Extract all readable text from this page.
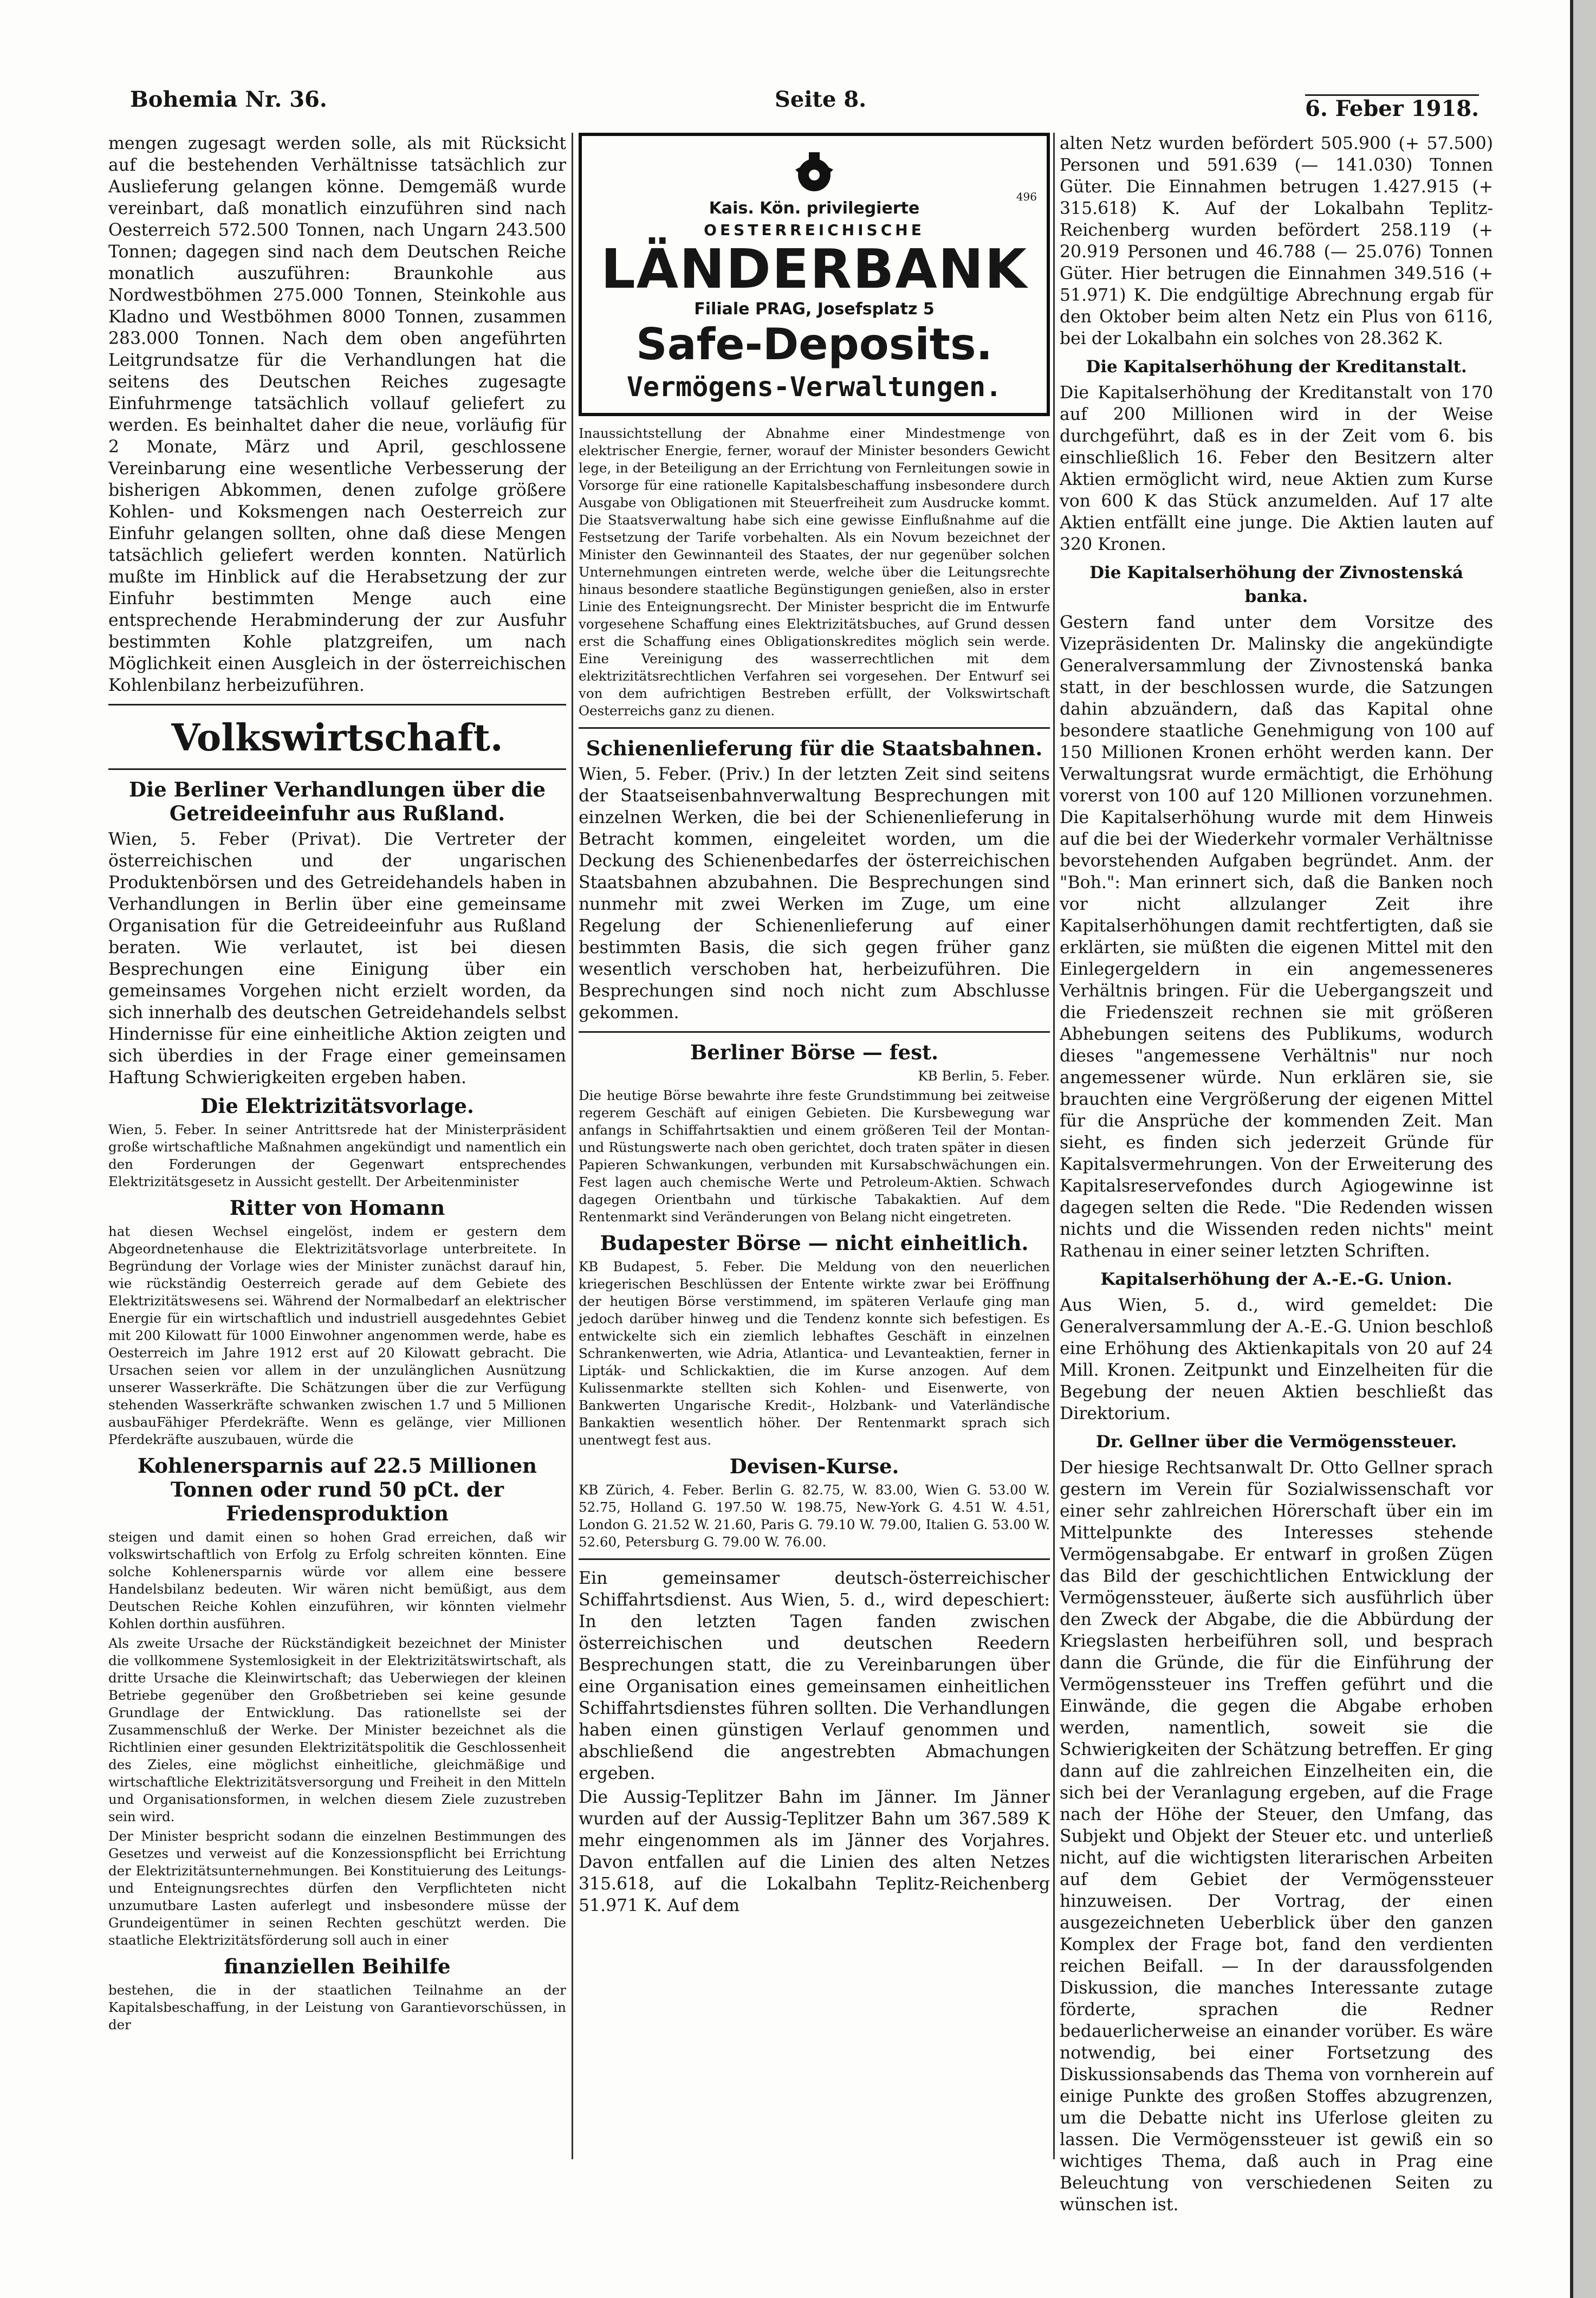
Bohemia Nr. 36.	Seite 8.	6. Feber 1918.

mengen zugesagt werden solle, als mit Rücksicht auf die bestehenden Verhältnisse tatsächlich zur Auslieferung gelangen könne. Demgemäß wurde vereinbart, daß monatlich einzuführen sind nach Oesterreich 572.500 Tonnen, nach Ungarn 243.500 Tonnen; dagegen sind nach dem Deutschen Reiche monatlich auszuführen: Braunkohle aus Nordwestböhmen 275.000 Tonnen, Steinkohle aus Kladno und Westböhmen 8000 Tonnen, zusammen 283.000 Tonnen. Nach dem oben angeführten Leitgrundsatze für die Verhandlungen hat die seitens des Deutschen Reiches zugesagte Einfuhrmenge tatsächlich vollauf geliefert zu werden. Es beinhaltet daher die neue, vorläufig für 2 Monate, März und April, geschlossene Vereinbarung eine wesentliche Verbesserung der bisherigen Abkommen, denen zufolge größere Kohlen- und Koksmengen nach Oesterreich zur Einfuhr gelangen sollten, ohne daß diese Mengen tatsächlich geliefert werden konnten. Natürlich mußte im Hinblick auf die Herabsetzung der zur Einfuhr bestimmten Menge auch eine entsprechende Herabminderung der zur Ausfuhr bestimmten Kohle platzgreifen, um nach Möglichkeit einen Ausgleich in der österreichischen Kohlenbilanz herbeizuführen.

Volkswirtschaft.
Die Berliner Verhandlungen über die Getreideeinfuhr aus Rußland.

Wien, 5. Feber (Privat). Die Vertreter der österreichischen und der ungarischen Produktenbörsen und des Getreidehandels haben in Verhandlungen in Berlin über eine gemeinsame Organisation für die Getreideeinfuhr aus Rußland beraten. Wie verlautet, ist bei diesen Besprechungen eine Einigung über ein gemeinsames Vorgehen nicht erzielt worden, da sich innerhalb des deutschen Getreidehandels selbst Hindernisse für eine einheitliche Aktion zeigten und sich überdies in der Frage einer gemeinsamen Haftung Schwierigkeiten ergeben haben.

Die Elektrizitätsvorlage.

Wien, 5. Feber. In seiner Antrittsrede hat der Ministerpräsident große wirtschaftliche Maßnahmen angekündigt und namentlich ein den Forderungen der Gegenwart entsprechendes Elektrizitätsgesetz in Aussicht gestellt. Der Arbeitenminister

Ritter von Homann

hat diesen Wechsel eingelöst, indem er gestern dem Abgeordnetenhause die Elektrizitätsvorlage unterbreitete. In Begründung der Vorlage wies der Minister zunächst darauf hin, wie rückständig Oesterreich gerade auf dem Gebiete des Elektrizitätswesens sei. Während der Normalbedarf an elektrischer Energie für ein wirtschaftlich und industriell ausgedehntes Gebiet mit 200 Kilowatt für 1000 Einwohner angenommen werde, habe es Oesterreich im Jahre 1912 erst auf 20 Kilowatt gebracht. Die Ursachen seien vor allem in der unzulänglichen Ausnützung unserer Wasserkräfte. Die Schätzungen über die zur Verfügung stehenden Wasserkräfte schwanken zwischen 1.7 und 5 Millionen ausbauFähiger Pferdekräfte. Wenn es gelänge, vier Millionen Pferdekräfte auszubauen, würde die

Kohlenersparnis auf 22.5 Millionen Tonnen oder rund 50 pCt. der Friedensproduktion

steigen und damit einen so hohen Grad erreichen, daß wir volkswirtschaftlich von Erfolg zu Erfolg schreiten könnten. Eine solche Kohlenersparnis würde vor allem eine bessere Handelsbilanz bedeuten. Wir wären nicht bemüßigt, aus dem Deutschen Reiche Kohlen einzuführen, wir könnten vielmehr Kohlen dorthin ausführen.

Als zweite Ursache der Rückständigkeit bezeichnet der Minister die vollkommene Systemlosigkeit in der Elektrizitätswirtschaft, als dritte Ursache die Kleinwirtschaft; das Ueberwiegen der kleinen Betriebe gegenüber den Großbetrieben sei keine gesunde Grundlage der Entwicklung. Das rationellste sei der Zusammenschluß der Werke. Der Minister bezeichnet als die Richtlinien einer gesunden Elektrizitätspolitik die Geschlossenheit des Zieles, eine möglichst einheitliche, gleichmäßige und wirtschaftliche Elektrizitätsversorgung und Freiheit in den Mitteln und Organisationsformen, in welchen diesem Ziele zuzustreben sein wird.

Der Minister bespricht sodann die einzelnen Bestimmungen des Gesetzes und verweist auf die Konzessionspflicht bei Errichtung der Elektrizitätsunternehmungen. Bei Konstituierung des Leitungs- und Enteignungsrechtes dürfen den Verpflichteten nicht unzumutbare Lasten auferlegt und insbesondere müsse der Grundeigentümer in seinen Rechten geschützt werden. Die staatliche Elektrizitätsförderung soll auch in einer

finanziellen Beihilfe

bestehen, die in der staatlichen Teilnahme an der Kapitalsbeschaffung, in der Leistung von Garantievorschüssen, in der

Kais. Kön. privilegierte
OESTERREICHISCHE
496
LÄNDERBANK
Filiale PRAG, Josefsplatz 5
Safe-Deposits.
Vermögens-Verwaltungen.

Inaussichtstellung der Abnahme einer Mindestmenge von elektrischer Energie, ferner, worauf der Minister besonders Gewicht lege, in der Beteiligung an der Errichtung von Fernleitungen sowie in Vorsorge für eine rationelle Kapitalsbeschaffung insbesondere durch Ausgabe von Obligationen mit Steuerfreiheit zum Ausdrucke kommt. Die Staatsverwaltung habe sich eine gewisse Einflußnahme auf die Festsetzung der Tarife vorbehalten. Als ein Novum bezeichnet der Minister den Gewinnanteil des Staates, der nur gegenüber solchen Unternehmungen eintreten werde, welche über die Leitungsrechte hinaus besondere staatliche Begünstigungen genießen, also in erster Linie des Enteignungsrecht. Der Minister bespricht die im Entwurfe vorgesehene Schaffung eines Elektrizitätsbuches, auf Grund dessen erst die Schaffung eines Obligationskredites möglich sein werde. Eine Vereinigung des wasserrechtlichen mit dem elektrizitätsrechtlichen Verfahren sei vorgesehen. Der Entwurf sei von dem aufrichtigen Bestreben erfüllt, der Volkswirtschaft Oesterreichs ganz zu dienen.

Schienenlieferung für die Staatsbahnen.

Wien, 5. Feber. (Priv.) In der letzten Zeit sind seitens der Staatseisenbahnverwaltung Besprechungen mit einzelnen Werken, die bei der Schienenlieferung in Betracht kommen, eingeleitet worden, um die Deckung des Schienenbedarfes der österreichischen Staatsbahnen abzubahnen. Die Besprechungen sind nunmehr mit zwei Werken im Zuge, um eine Regelung der Schienenlieferung auf einer bestimmten Basis, die sich gegen früher ganz wesentlich verschoben hat, herbeizuführen. Die Besprechungen sind noch nicht zum Abschlusse gekommen.

Berliner Börse — fest.

KB Berlin, 5. Feber.

Die heutige Börse bewahrte ihre feste Grundstimmung bei zeitweise regerem Geschäft auf einigen Gebieten. Die Kursbewegung war anfangs in Schiffahrtsaktien und einem größeren Teil der Montan- und Rüstungswerte nach oben gerichtet, doch traten später in diesen Papieren Schwankungen, verbunden mit Kursabschwächungen ein. Fest lagen auch chemische Werte und Petroleum-Aktien. Schwach dagegen Orientbahn und türkische Tabakaktien. Auf dem Rentenmarkt sind Veränderungen von Belang nicht eingetreten.

Budapester Börse — nicht einheitlich.

KB Budapest, 5. Feber. Die Meldung von den neuerlichen kriegerischen Beschlüssen der Entente wirkte zwar bei Eröffnung der heutigen Börse verstimmend, im späteren Verlaufe ging man jedoch darüber hinweg und die Tendenz konnte sich befestigen. Es entwickelte sich ein ziemlich lebhaftes Geschäft in einzelnen Schrankenwerten, wie Adria, Atlantica- und Levanteaktien, ferner in Lipták- und Schlickaktien, die im Kurse anzogen. Auf dem Kulissenmarkte stellten sich Kohlen- und Eisenwerte, von Bankwerten Ungarische Kredit-, Holzbank- und Vaterländische Bankaktien wesentlich höher. Der Rentenmarkt sprach sich unentwegt fest aus.

Devisen-Kurse.

KB Zürich, 4. Feber. Berlin G. 82.75, W. 83.00, Wien G. 53.00 W. 52.75, Holland G. 197.50 W. 198.75, New-York G. 4.51 W. 4.51, London G. 21.52 W. 21.60, Paris G. 79.10 W. 79.00, Italien G. 53.00 W. 52.60, Petersburg G. 79.00 W. 76.00.

Ein gemeinsamer deutsch-österreichischer Schiffahrtsdienst. Aus Wien, 5. d., wird depeschiert: In den letzten Tagen fanden zwischen österreichischen und deutschen Reedern Besprechungen statt, die zu Vereinbarungen über eine Organisation eines gemeinsamen einheitlichen Schiffahrtsdienstes führen sollten. Die Verhandlungen haben einen günstigen Verlauf genommen und abschließend die angestrebten Abmachungen ergeben.

Die Aussig-Teplitzer Bahn im Jänner. Im Jänner wurden auf der Aussig-Teplitzer Bahn um 367.589 K mehr eingenommen als im Jänner des Vorjahres. Davon entfallen auf die Linien des alten Netzes 315.618, auf die Lokalbahn Teplitz-Reichenberg 51.971 K. Auf dem

alten Netz wurden befördert 505.900 (+ 57.500) Personen und 591.639 (— 141.030) Tonnen Güter. Die Einnahmen betrugen 1.427.915 (+ 315.618) K. Auf der Lokalbahn Teplitz-Reichenberg wurden befördert 258.119 (+ 20.919 Personen und 46.788 (— 25.076) Tonnen Güter. Hier betrugen die Einnahmen 349.516 (+ 51.971) K. Die endgültige Abrechnung ergab für den Oktober beim alten Netz ein Plus von 6116, bei der Lokalbahn ein solches von 28.362 K.

Die Kapitalserhöhung der Kreditanstalt.

Die Kapitalserhöhung der Kreditanstalt von 170 auf 200 Millionen wird in der Weise durchgeführt, daß es in der Zeit vom 6. bis einschließlich 16. Feber den Besitzern alter Aktien ermöglicht wird, neue Aktien zum Kurse von 600 K das Stück anzumelden. Auf 17 alte Aktien entfällt eine junge. Die Aktien lauten auf 320 Kronen.

Die Kapitalserhöhung der Zivnostenská banka.

Gestern fand unter dem Vorsitze des Vizepräsidenten Dr. Malinsky die angekündigte Generalversammlung der Zivnostenská banka statt, in der beschlossen wurde, die Satzungen dahin abzuändern, daß das Kapital ohne besondere staatliche Genehmigung von 100 auf 150 Millionen Kronen erhöht werden kann. Der Verwaltungsrat wurde ermächtigt, die Erhöhung vorerst von 100 auf 120 Millionen vorzunehmen. Die Kapitalserhöhung wurde mit dem Hinweis auf die bei der Wiederkehr vormaler Verhältnisse bevorstehenden Aufgaben begründet. Anm. der "Boh.": Man erinnert sich, daß die Banken noch vor nicht allzulanger Zeit ihre Kapitalserhöhungen damit rechtfertigten, daß sie erklärten, sie müßten die eigenen Mittel mit den Einlegergeldern in ein angemesseneres Verhältnis bringen. Für die Uebergangszeit und die Friedenszeit rechnen sie mit größeren Abhebungen seitens des Publikums, wodurch dieses "angemessene Verhältnis" nur noch angemessener würde. Nun erklären sie, sie brauchten eine Vergrößerung der eigenen Mittel für die Ansprüche der kommenden Zeit. Man sieht, es finden sich jederzeit Gründe für Kapitalsvermehrungen. Von der Erweiterung des Kapitalsreservefondes durch Agiogewinne ist dagegen selten die Rede. "Die Redenden wissen nichts und die Wissenden reden nichts" meint Rathenau in einer seiner letzten Schriften.

Kapitalserhöhung der A.-E.-G. Union.

Aus Wien, 5. d., wird gemeldet: Die Generalversammlung der A.-E.-G. Union beschloß eine Erhöhung des Aktienkapitals von 20 auf 24 Mill. Kronen. Zeitpunkt und Einzelheiten für die Begebung der neuen Aktien beschließt das Direktorium.

Dr. Gellner über die Vermögenssteuer.

Der hiesige Rechtsanwalt Dr. Otto Gellner sprach gestern im Verein für Sozialwissenschaft vor einer sehr zahlreichen Hörerschaft über ein im Mittelpunkte des Interesses stehende Vermögensabgabe. Er entwarf in großen Zügen das Bild der geschichtlichen Entwicklung der Vermögenssteuer, äußerte sich ausführlich über den Zweck der Abgabe, die die Abbürdung der Kriegslasten herbeiführen soll, und besprach dann die Gründe, die für die Einführung der Vermögenssteuer ins Treffen geführt und die Einwände, die gegen die Abgabe erhoben werden, namentlich, soweit sie die Schwierigkeiten der Schätzung betreffen. Er ging dann auf die zahlreichen Einzelheiten ein, die sich bei der Veranlagung ergeben, auf die Frage nach der Höhe der Steuer, den Umfang, das Subjekt und Objekt der Steuer etc. und unterließ nicht, auf die wichtigsten literarischen Arbeiten auf dem Gebiet der Vermögenssteuer hinzuweisen. Der Vortrag, der einen ausgezeichneten Ueberblick über den ganzen Komplex der Frage bot, fand den verdienten reichen Beifall. — In der daraussfolgenden Diskussion, die manches Interessante zutage förderte, sprachen die Redner bedauerlicherweise an einander vorüber. Es wäre notwendig, bei einer Fortsetzung des Diskussionsabends das Thema von vornherein auf einige Punkte des großen Stoffes abzugrenzen, um die Debatte nicht ins Uferlose gleiten zu lassen. Die Vermögenssteuer ist gewiß ein so wichtiges Thema, daß auch in Prag eine Beleuchtung von verschiedenen Seiten zu wünschen ist.
